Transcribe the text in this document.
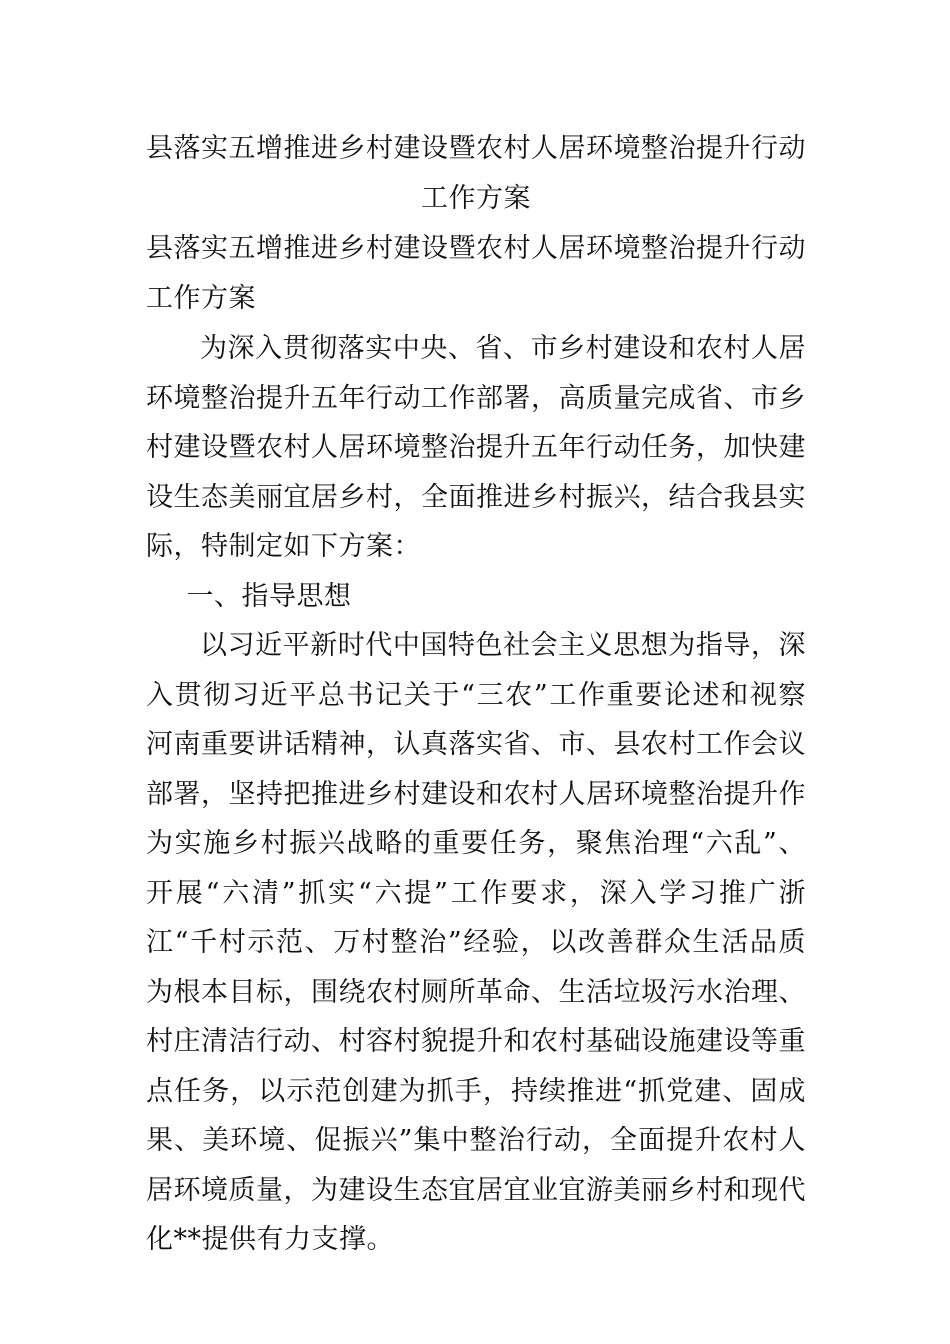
县落实五增推进乡村建设暨农村人居环境整治提升行动工作方案

县落实五增推进乡村建设暨农村人居环境整治提升行动工作方案

为深入贯彻落实中央、省、市乡村建设和农村人居环境整治提升五年行动工作部署，高质量完成省、市乡村建设暨农村人居环境整治提升五年行动任务，加快建设生态美丽宜居乡村，全面推进乡村振兴，结合我县实际，特制定如下方案：

一、指导思想

以习近平新时代中国特色社会主义思想为指导，深入贯彻习近平总书记关于“三农”工作重要论述和视察河南重要讲话精神，认真落实省、市、县农村工作会议部署，坚持把推进乡村建设和农村人居环境整治提升作为实施乡村振兴战略的重要任务，聚焦治理“六乱”、开展“六清”抓实“六提”工作要求，深入学习推广浙江“千村示范、万村整治”经验，以改善群众生活品质为根本目标，围绕农村厕所革命、生活垃圾污水治理、村庄清洁行动、村容村貌提升和农村基础设施建设等重点任务，以示范创建为抓手，持续推进“抓党建、固成果、美环境、促振兴”集中整治行动，全面提升农村人居环境质量，为建设生态宜居宜业宜游美丽乡村和现代化**提供有力支撑。
